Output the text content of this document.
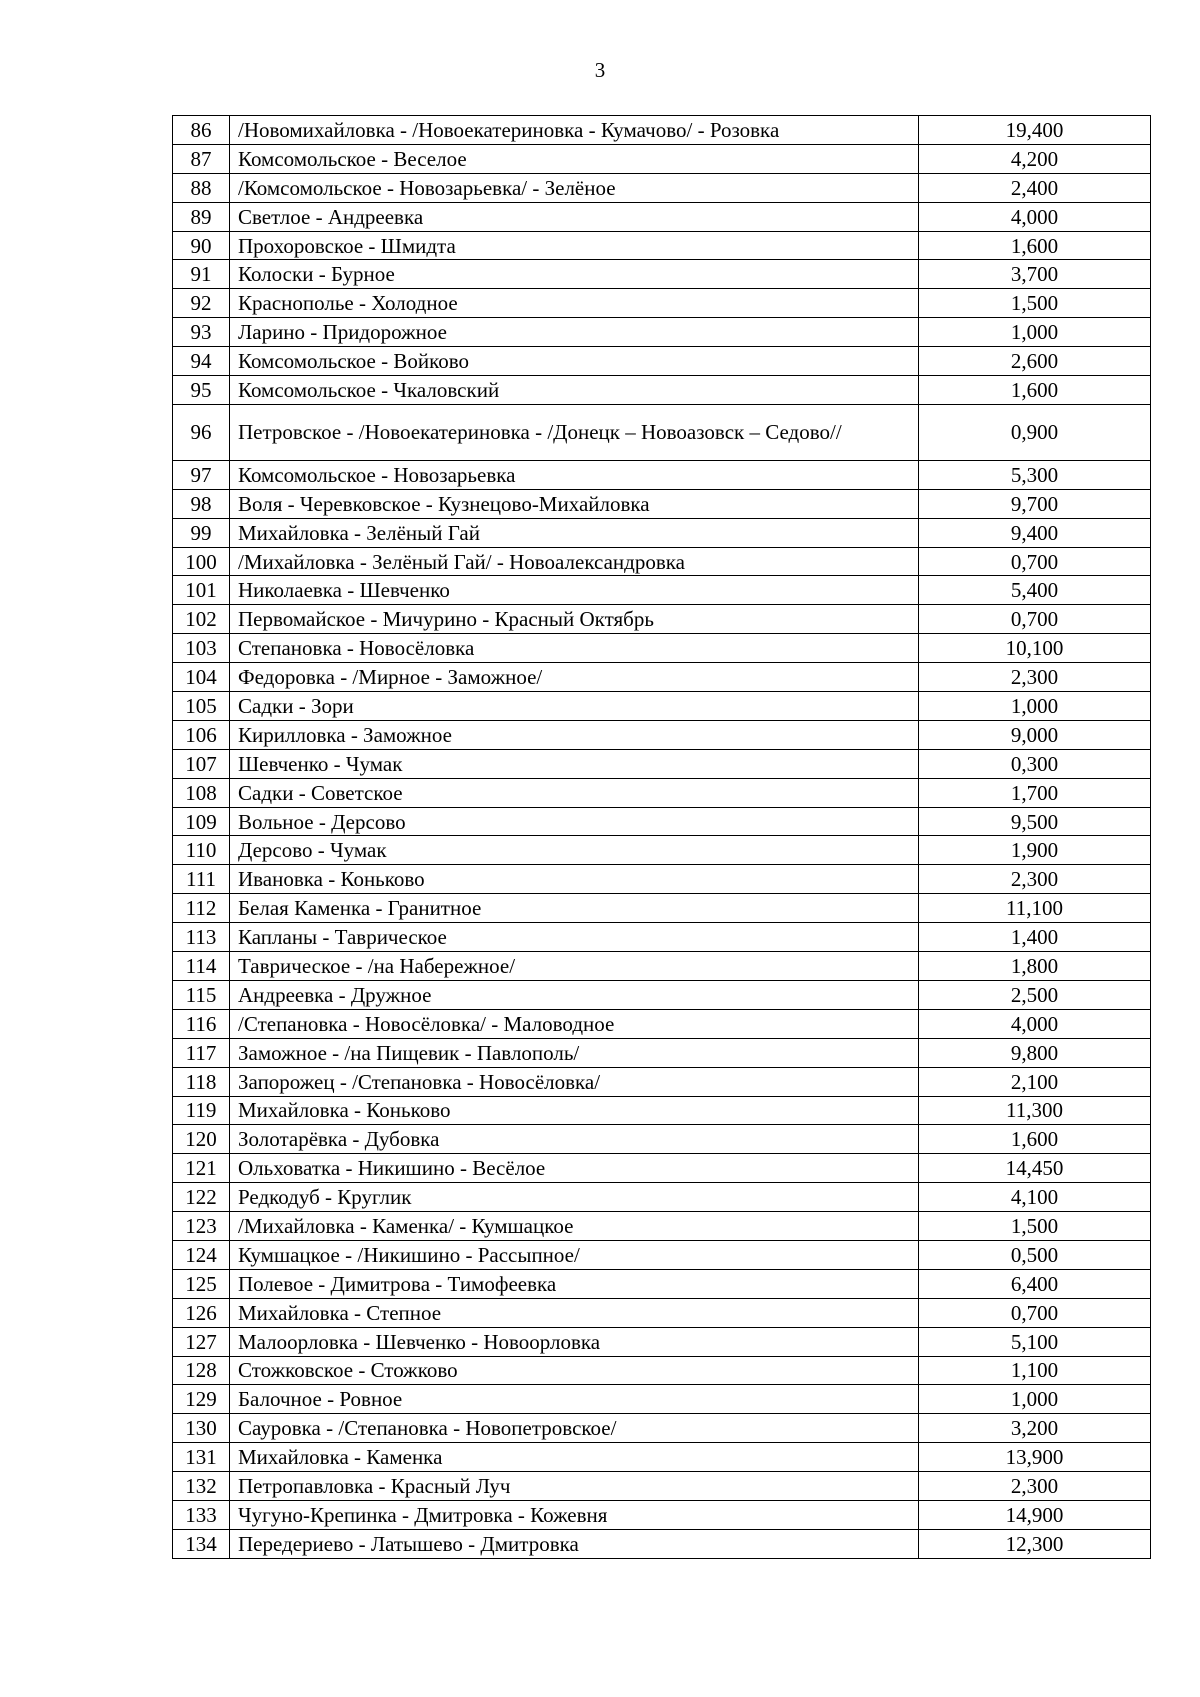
3
86	/Новомихайловка - /Новоекатериновка - Кумачово/ - Розовка	19,400
87	Комсомольское - Веселое	4,200
88	/Комсомольское - Новозарьевка/ - Зелёное	2,400
89	Светлое - Андреевка	4,000
90	Прохоровское - Шмидта	1,600
91	Колоски - Бурное	3,700
92	Краснополье - Холодное	1,500
93	Ларино - Придорожное	1,000
94	Комсомольское - Войково	2,600
95	Комсомольское - Чкаловский	1,600
96	Петровское - /Новоекатериновка - /Донецк – Новоазовск – Седово//	0,900
97	Комсомольское - Новозарьевка	5,300
98	Воля - Черевковское - Кузнецово-Михайловка	9,700
99	Михайловка - Зелёный Гай	9,400
100	/Михайловка - Зелёный Гай/ - Новоалександровка	0,700
101	Николаевка - Шевченко	5,400
102	Первомайское - Мичурино - Красный Октябрь	0,700
103	Степановка - Новосёловка	10,100
104	Федоровка - /Мирное - Заможное/	2,300
105	Садки - Зори	1,000
106	Кирилловка - Заможное	9,000
107	Шевченко - Чумак	0,300
108	Садки - Советское	1,700
109	Вольное - Дерсово	9,500
110	Дерсово - Чумак	1,900
111	Ивановка - Коньково	2,300
112	Белая Каменка - Гранитное	11,100
113	Капланы - Таврическое	1,400
114	Таврическое - /на Набережное/	1,800
115	Андреевка - Дружное	2,500
116	/Степановка - Новосёловка/ - Маловодное	4,000
117	Заможное - /на Пищевик - Павлополь/	9,800
118	Запорожец - /Степановка - Новосёловка/	2,100
119	Михайловка - Коньково	11,300
120	Золотарёвка - Дубовка	1,600
121	Ольховатка - Никишино - Весёлое	14,450
122	Редкодуб - Круглик	4,100
123	/Михайловка - Каменка/ - Кумшацкое	1,500
124	Кумшацкое - /Никишино - Рассыпное/	0,500
125	Полевое - Димитрова - Тимофеевка	6,400
126	Михайловка - Степное	0,700
127	Малоорловка - Шевченко - Новоорловка	5,100
128	Стожковское - Стожково	1,100
129	Балочное - Ровное	1,000
130	Сауровка - /Степановка - Новопетровское/	3,200
131	Михайловка - Каменка	13,900
132	Петропавловка - Красный Луч	2,300
133	Чугуно-Крепинка - Дмитровка - Кожевня	14,900
134	Передериево - Латышево - Дмитровка	12,300
